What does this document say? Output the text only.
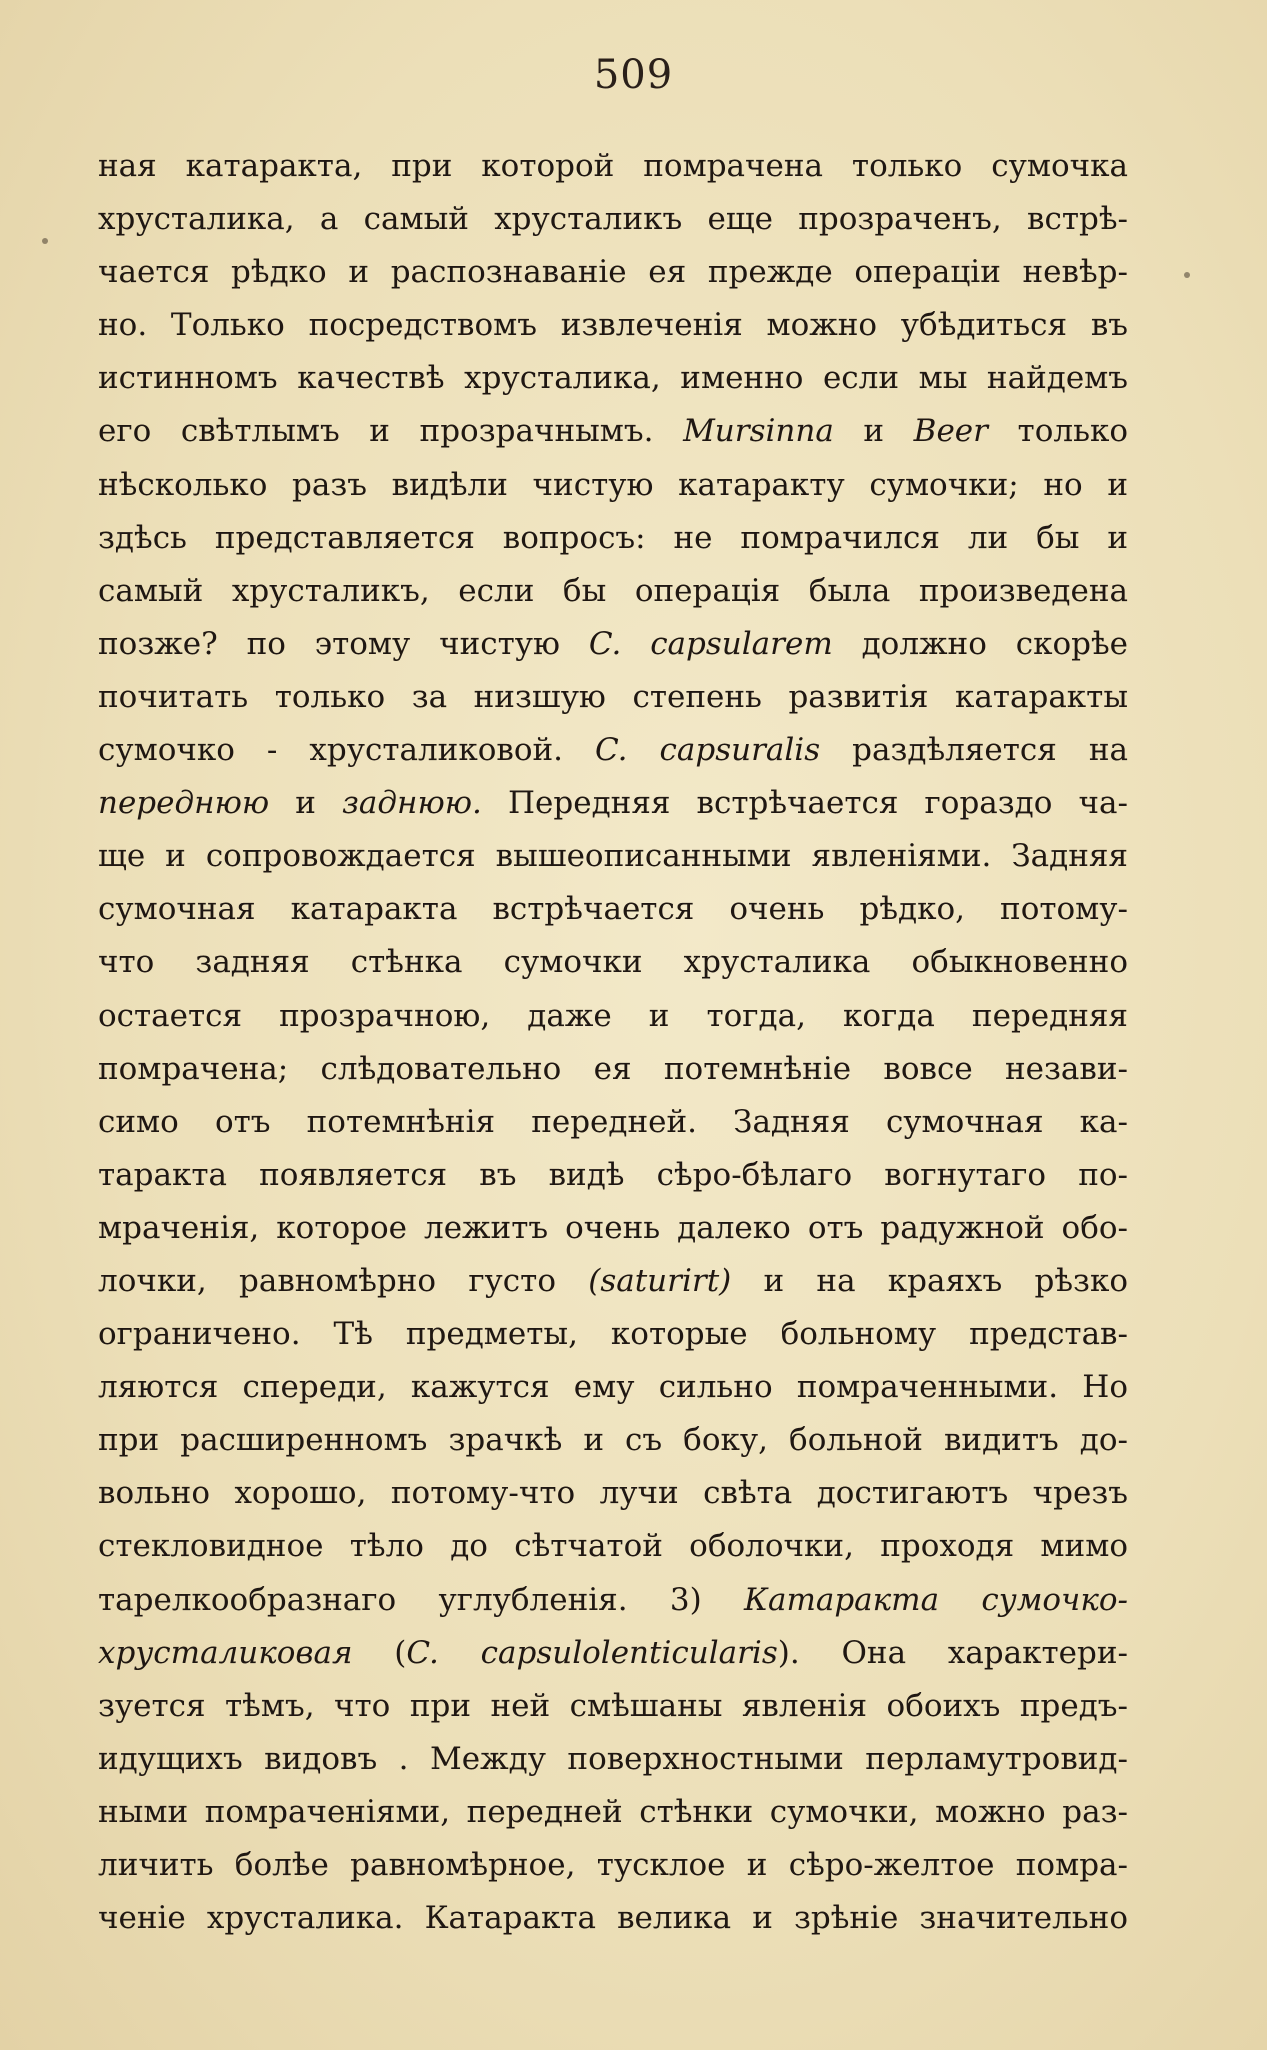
509
ная катаракта, при которой помрачена только сумочка
хрусталика, а самый хрусталикъ еще прозраченъ, встрѣ-
чается рѣдко и распознаванiе ея прежде операцiи невѣр-
но. Только посредствомъ извлеченiя можно убѣдиться въ
истинномъ качествѣ хрусталика, именно если мы найдемъ
его свѣтлымъ и прозрачнымъ. Mursinna и Beer только
нѣсколько разъ видѣли чистую катаракту сумочки; но и
здѣсь представляется вопросъ: не помрачился ли бы и
самый хрусталикъ, если бы операцiя была произведена
позже? по этому чистую C. capsularem должно скорѣе
почитать только за низшую степень развитiя катаракты
сумочко - хрусталиковой. C. capsuralis раздѣляется на
переднюю и заднюю. Передняя встрѣчается гораздо ча-
ще и сопровождается вышеописанными явленiями. Задняя
сумочная катаракта встрѣчается очень рѣдко, потому-
что задняя стѣнка сумочки хрусталика обыкновенно
остается прозрачною, даже и тогда, когда передняя
помрачена; слѣдовательно ея потемнѣнiе вовсе незави-
симо отъ потемнѣнiя передней. Задняя сумочная ка-
таракта появляется въ видѣ сѣро-бѣлаго вогнутаго по-
мраченiя, которое лежитъ очень далеко отъ радужной обо-
лочки, равномѣрно густо (saturirt) и на краяхъ рѣзко
ограничено. Тѣ предметы, которые больному представ-
ляются спереди, кажутся ему сильно помраченными. Но
при расширенномъ зрачкѣ и съ боку, больной видитъ до-
вольно хорошо, потому-что лучи свѣта достигаютъ чрезъ
стекловидное тѣло до сѣтчатой оболочки, проходя мимо
тарелкообразнаго углубленiя. 3) Катаракта сумочко-
хрусталиковая (C. capsulolenticularis). Она характери-
зуется тѣмъ, что при ней смѣшаны явленiя обоихъ предъ-
идущихъ видовъ . Между поверхностными перламутровид-
ными помраченiями, передней стѣнки сумочки, можно раз-
личить болѣе равномѣрное, тусклое и сѣро-желтое помра-
ченiе хрусталика. Катаракта велика и зрѣнiе значительно
